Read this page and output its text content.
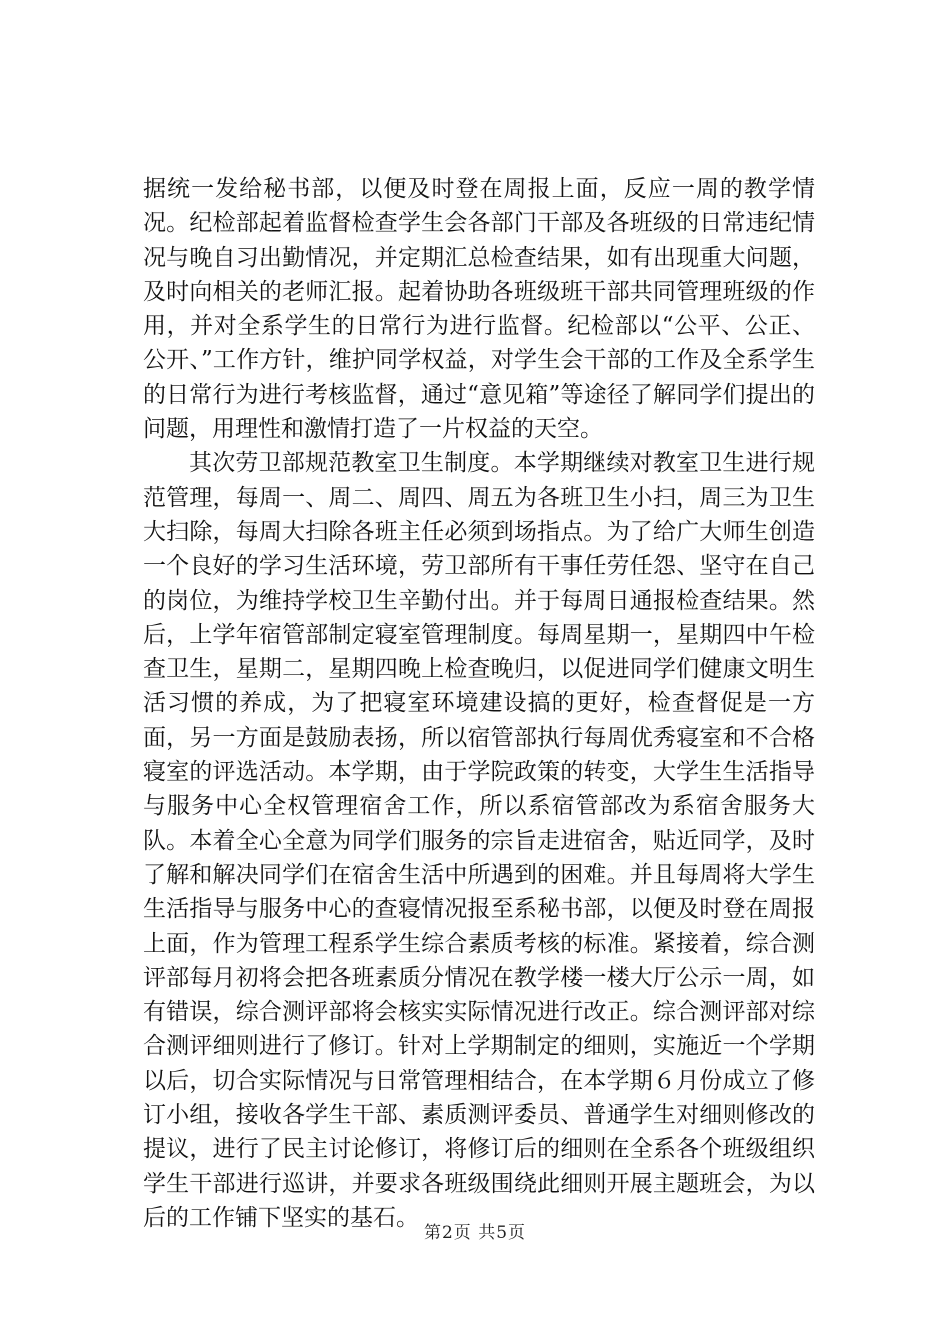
据统一发给秘书部，以便及时登在周报上面，反应一周的教学情况。纪检部起着监督检查学生会各部门干部及各班级的日常违纪情况与晚自习出勤情况，并定期汇总检查结果，如有出现重大问题，及时向相关的老师汇报。起着协助各班级班干部共同管理班级的作用，并对全系学生的日常行为进行监督。纪检部以“公平、公正、公开、”工作方针，维护同学权益，对学生会干部的工作及全系学生的日常行为进行考核监督，通过“意见箱”等途径了解同学们提出的问题，用理性和激情打造了一片权益的天空。

其次劳卫部规范教室卫生制度。本学期继续对教室卫生进行规范管理，每周一、周二、周四、周五为各班卫生小扫，周三为卫生大扫除，每周大扫除各班主任必须到场指点。为了给广大师生创造一个良好的学习生活环境，劳卫部所有干事任劳任怨、坚守在自己的岗位，为维持学校卫生辛勤付出。并于每周日通报检查结果。然后，上学年宿管部制定寝室管理制度。每周星期一，星期四中午检查卫生，星期二，星期四晚上检查晚归，以促进同学们健康文明生活习惯的养成，为了把寝室环境建设搞的更好，检查督促是一方面，另一方面是鼓励表扬，所以宿管部执行每周优秀寝室和不合格寝室的评选活动。本学期，由于学院政策的转变，大学生生活指导与服务中心全权管理宿舍工作，所以系宿管部改为系宿舍服务大队。本着全心全意为同学们服务的宗旨走进宿舍，贴近同学，及时了解和解决同学们在宿舍生活中所遇到的困难。并且每周将大学生生活指导与服务中心的查寝情况报至系秘书部，以便及时登在周报上面，作为管理工程系学生综合素质考核的标准。紧接着，综合测评部每月初将会把各班素质分情况在教学楼一楼大厅公示一周，如有错误，综合测评部将会核实实际情况进行改正。综合测评部对综合测评细则进行了修订。针对上学期制定的细则，实施近一个学期以后，切合实际情况与日常管理相结合，在本学期６月份成立了修订小组，接收各学生干部、素质测评委员、普通学生对细则修改的提议，进行了民主讨论修订，将修订后的细则在全系各个班级组织学生干部进行巡讲，并要求各班级围绕此细则开展主题班会，为以后的工作铺下坚实的基石。

第2页 共5页
